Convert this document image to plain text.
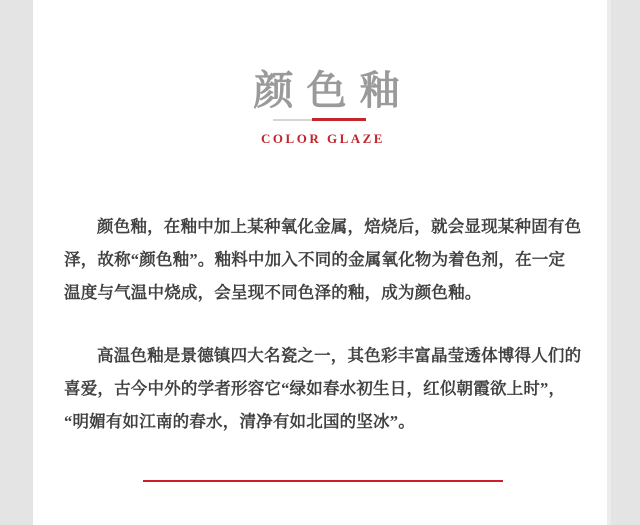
颜色釉
COLOR GLAZE

颜色釉，在釉中加上某种氧化金属，焙烧后，就会显现某种固有色
泽，故称“颜色釉”。釉料中加入不同的金属氧化物为着色剂，在一定
温度与气温中烧成，会呈现不同色泽的釉，成为颜色釉。

高温色釉是景德镇四大名瓷之一，其色彩丰富晶莹透体博得人们的
喜爱，古今中外的学者形容它“绿如春水初生日，红似朝霞欲上时”，
“明媚有如江南的春水，清净有如北国的坚冰”。
